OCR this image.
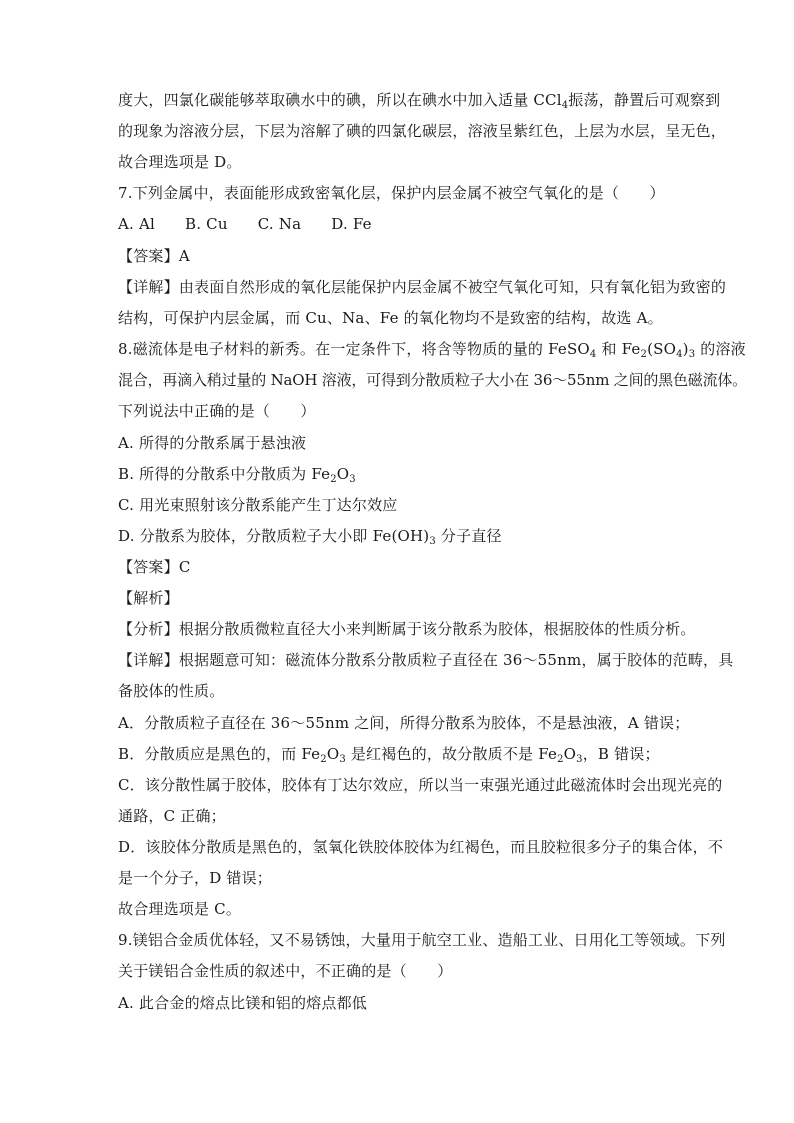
度大，四氯化碳能够萃取碘水中的碘，所以在碘水中加入适量 CCl$_4$振荡，静置后可观察到
的现象为溶液分层，下层为溶解了碘的四氯化碳层，溶液呈紫红色，上层为水层，呈无色，
故合理选项是 D。
7.下列金属中，表面能形成致密氧化层，保护内层金属不被空气氧化的是（　　）
A. Al B. Cu C. Na D. Fe
【答案】A
【详解】由表面自然形成的氧化层能保护内层金属不被空气氧化可知，只有氧化铝为致密的
结构，可保护内层金属，而 Cu、Na、Fe 的氧化物均不是致密的结构，故选 A。
8.磁流体是电子材料的新秀。在一定条件下，将含等物质的量的 FeSO$_4$ 和 $Fe_2(SO_4)_3$ 的溶液
混合，再滴入稍过量的 NaOH 溶液，可得到分散质粒子大小在 36～55nm 之间的黑色磁流体。
下列说法中正确的是（　　）
A. 所得的分散系属于悬浊液
B. 所得的分散系中分散质为 $Fe_2O_3$
C. 用光束照射该分散系能产生丁达尔效应
D. 分散系为胶体，分散质粒子大小即 $Fe(OH)_3$ 分子直径
【答案】C
【解析】
【分析】根据分散质微粒直径大小来判断属于该分散系为胶体，根据胶体的性质分析。
【详解】根据题意可知：磁流体分散系分散质粒子直径在 36～55nm，属于胶体的范畴，具
备胶体的性质。
A．分散质粒子直径在 36～55nm 之间，所得分散系为胶体，不是悬浊液，A 错误；
B．分散质应是黑色的，而 $Fe_2O_3$ 是红褐色的，故分散质不是 $Fe_2O_3$，B 错误；
C．该分散性属于胶体，胶体有丁达尔效应，所以当一束强光通过此磁流体时会出现光亮的
通路，C 正确；
D．该胶体分散质是黑色的，氢氧化铁胶体胶体为红褐色，而且胶粒很多分子的集合体，不
是一个分子，D 错误；
故合理选项是 C。
9.镁铝合金质优体轻，又不易锈蚀，大量用于航空工业、造船工业、日用化工等领域。下列
关于镁铝合金性质的叙述中，不正确的是（　　）
A. 此合金的熔点比镁和铝的熔点都低
